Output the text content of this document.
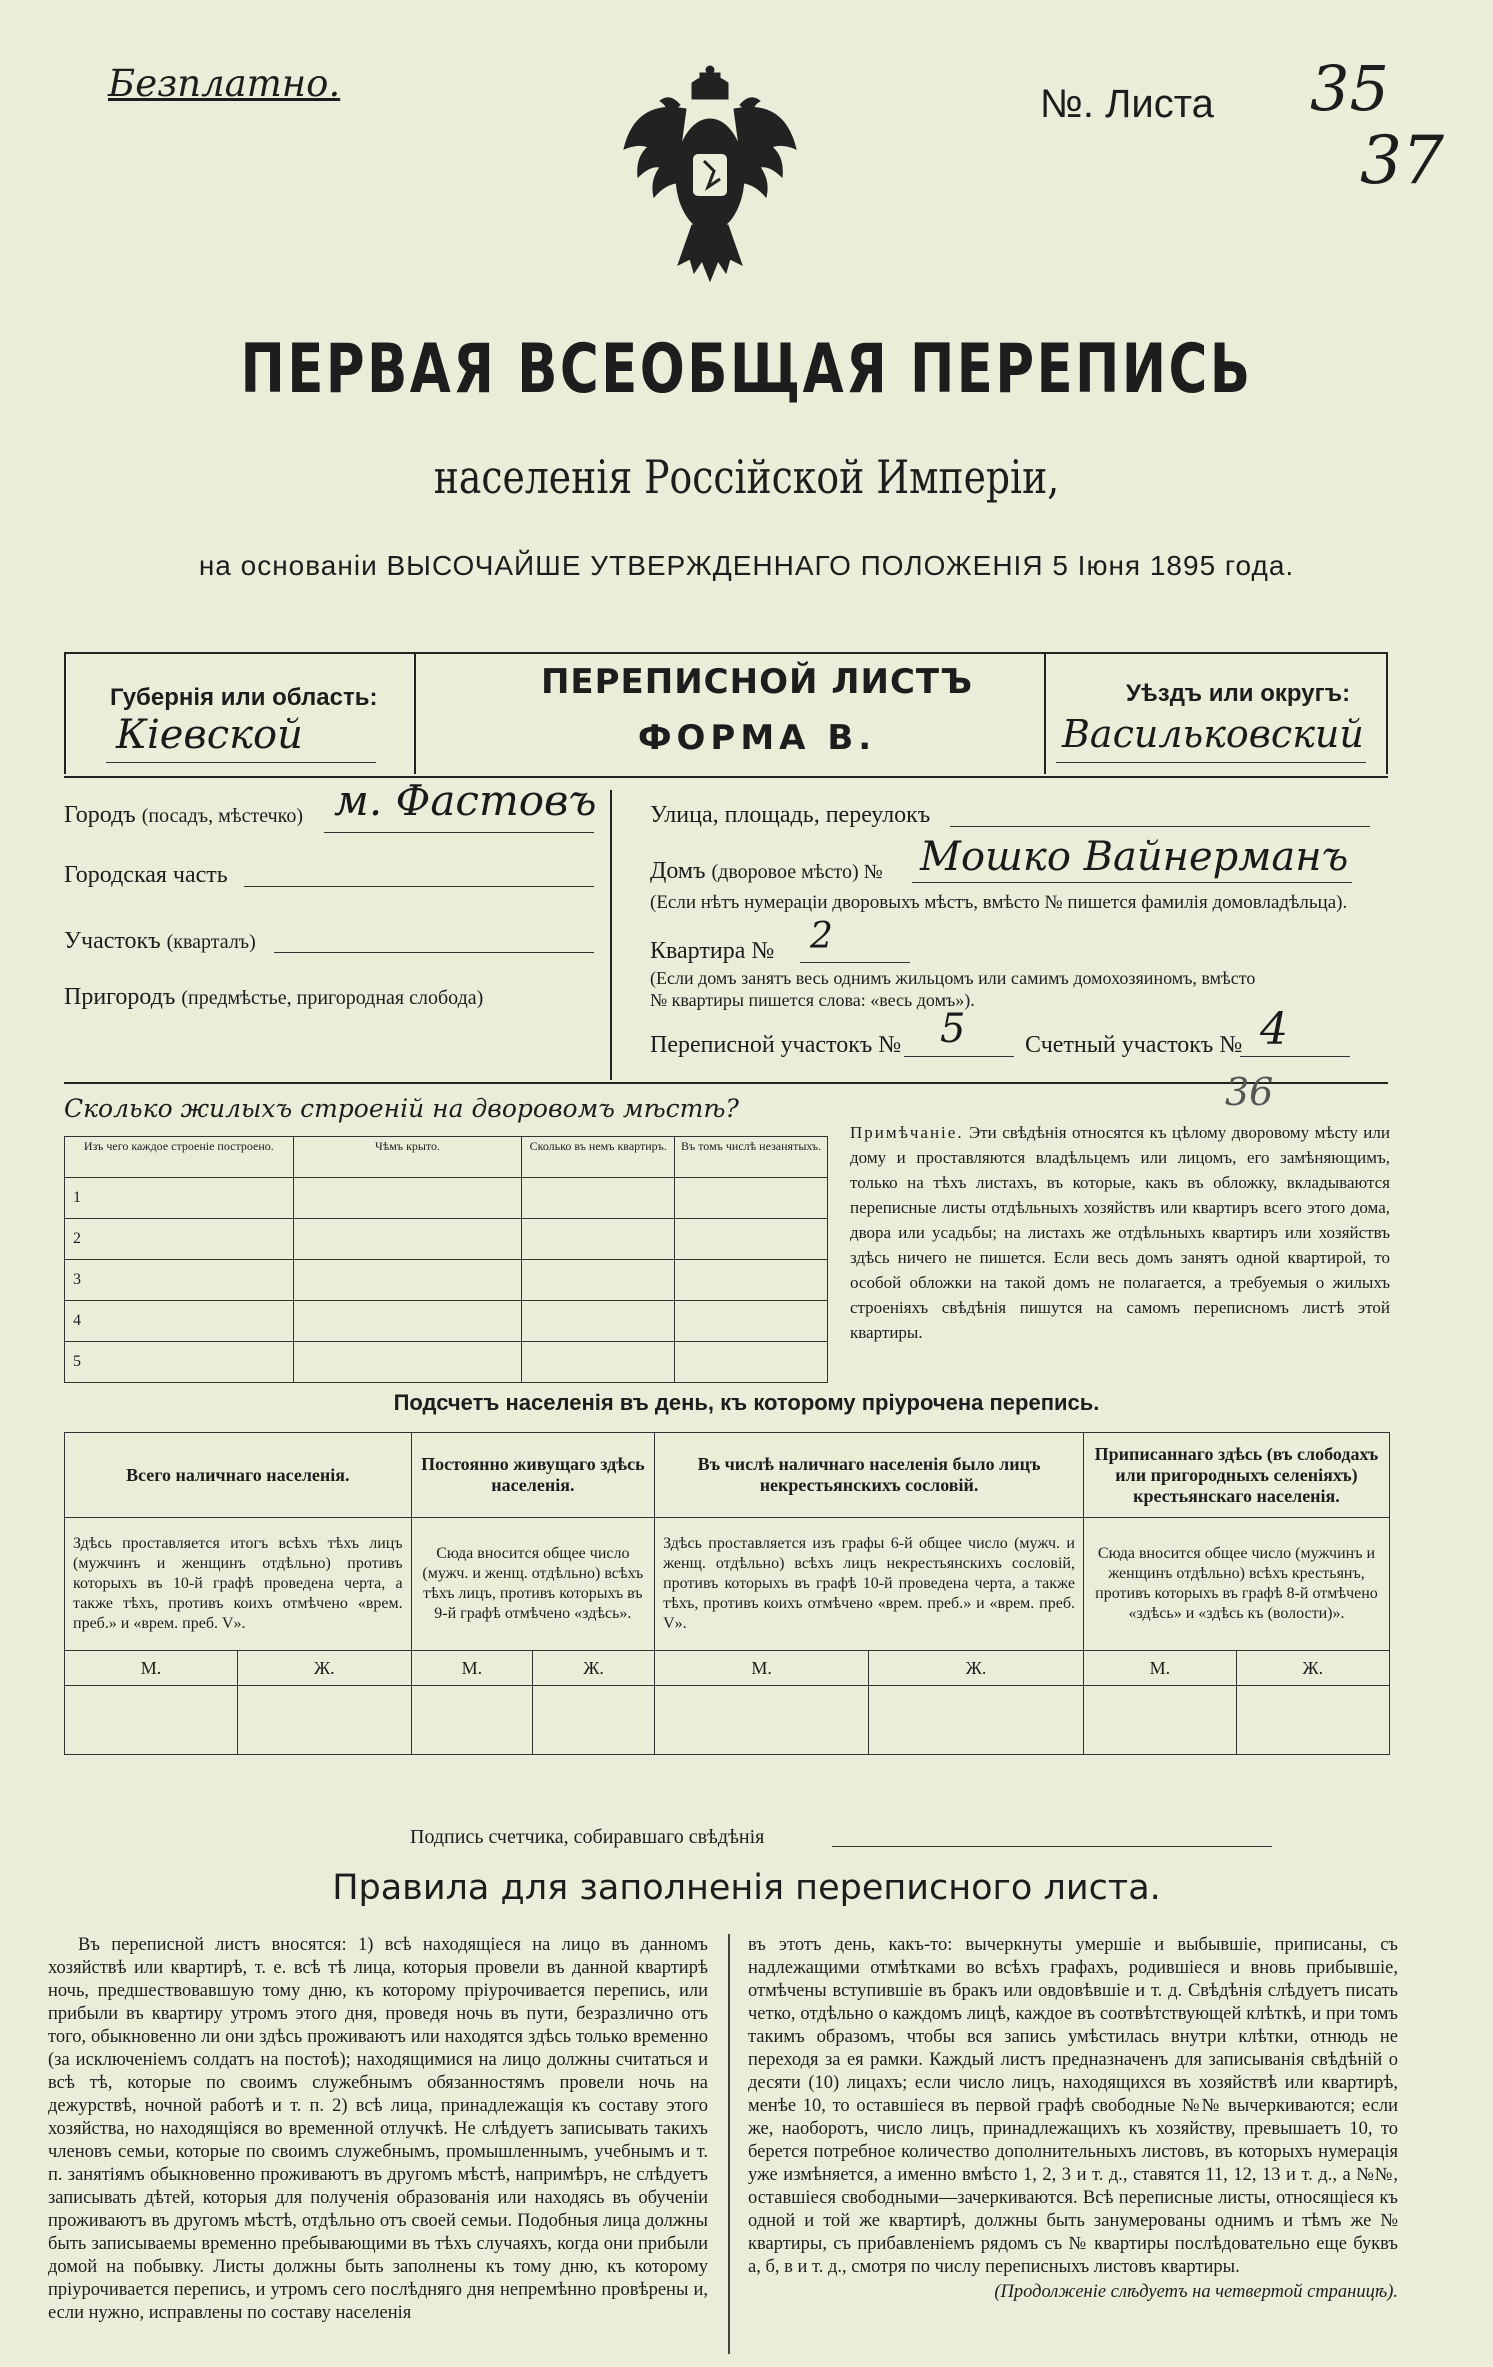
Безплатно.	№. Листа 35
37
ПЕРВАЯ ВСЕОБЩАЯ ПЕРЕПИСЬ
населенія Россійской Имперіи,
на основаніи ВЫСОЧАЙШЕ УТВЕРЖДЕННАГО ПОЛОЖЕНІЯ 5 Іюня 1895 года.
Губернія или область:
Кiевской
ПЕРЕПИСНОЙ ЛИСТЪ
ФОРМА В.
Уѣздъ или округъ:
Васильковский
Городъ (посадъ, мѣстечко) м. Фастовъ
Городская часть
Участокъ (кварталъ)
Пригородъ (предмѣстье, пригородная слобода)
Улица, площадь, переулокъ
Домъ (дворовое мѣсто) № Мошко Вайнерманъ
(Если нѣтъ нумераціи дворовыхъ мѣстъ, вмѣсто № пишется фамилія домовладѣльца).
Квартира № 2
(Если домъ занятъ весь однимъ жильцомъ или самимъ домохозяиномъ, вмѣсто
№ квартиры пишется слова: «весь домъ»).
Переписной участокъ № 5 Счетный участокъ № 4
Сколько жилыхъ строеній на дворовомъ мѣстѣ?	36
Изъ чего каждое строеніе построено.	Чѣмъ крыто.	Сколько въ немъ квартиръ.	Въ томъ числѣ незанятыхъ.
1			
2			
3			
4			
5			
Примѣчаніе. Эти свѣдѣнія относятся къ цѣлому дворовому мѣсту или дому и проставляются владѣльцемъ или лицомъ, его замѣняющимъ, только на тѣхъ листахъ, въ которые, какъ въ обложку, вкладываются переписные листы отдѣльныхъ хозяйствъ или квартиръ всего этого дома, двора или усадьбы; на листахъ же отдѣльныхъ квартиръ или хозяйствъ здѣсь ничего не пишется. Если весь домъ занятъ одной квартирой, то особой обложки на такой домъ не полагается, а требуемыя о жилыхъ строеніяхъ свѣдѣнія пишутся на самомъ переписномъ листѣ этой квартиры.
Подсчетъ населенія въ день, къ которому пріурочена перепись.
Всего наличнаго населенія.		Постоянно живущаго здѣсь населенія.		Въ числѣ наличнаго населенія было лицъ некрестьянскихъ сословій.		Приписаннаго здѣсь (въ слободахъ или пригородныхъ селеніяхъ) крестьянскаго населенія.	
Здѣсь проставляется итогъ всѣхъ тѣхъ лицъ (мужчинъ и женщинъ отдѣльно) противъ которыхъ въ 10-й графѣ проведена черта, а также тѣхъ, противъ коихъ отмѣчено «врем. преб.» и «врем. преб. V».		Сюда вносится общее число (мужч. и женщ. отдѣльно) всѣхъ тѣхъ лицъ, противъ которыхъ въ 9-й графѣ отмѣчено «здѣсь».		Здѣсь проставляется изъ графы 6-й общее число (мужч. и женщ. отдѣльно) всѣхъ лицъ некрестьянскихъ сословій, противъ которыхъ въ графѣ 10-й проведена черта, а также тѣхъ, противъ коихъ отмѣчено «врем. преб.» и «врем. преб. V».		Сюда вносится общее число (мужчинъ и женщинъ отдѣльно) всѣхъ крестьянъ, противъ которыхъ въ графѣ 8-й отмѣчено «здѣсь» и «здѣсь къ (волости)».	
М.	Ж.	М.	Ж.	М.	Ж.	М.	Ж.

Подпись счетчика, собиравшаго свѣдѣнія
Правила для заполненія переписного листа.
Въ переписной листъ вносятся: 1) всѣ находящіеся на лицо въ данномъ хозяйствѣ или квартирѣ, т. е. всѣ тѣ лица, которыя провели въ данной квартирѣ ночь, предшествовавшую тому дню, къ которому пріурочивается перепись, или прибыли въ квартиру утромъ этого дня, проведя ночь въ пути, безразлично отъ того, обыкновенно ли они здѣсь проживаютъ или находятся здѣсь только временно (за исключеніемъ солдатъ на постоѣ); находящимися на лицо должны считаться и всѣ тѣ, которые по своимъ служебнымъ обязанностямъ провели ночь на дежурствѣ, ночной работѣ и т. п. 2) всѣ лица, принадлежащія къ составу этого хозяйства, но находящіяся во временной отлучкѣ. Не слѣдуетъ записывать такихъ членовъ семьи, которые по своимъ служебнымъ, промышленнымъ, учебнымъ и т. п. занятіямъ обыкновенно проживаютъ въ другомъ мѣстѣ, напримѣръ, не слѣдуетъ записывать дѣтей, которыя для полученія образованія или находясь въ обученіи проживаютъ въ другомъ мѣстѣ, отдѣльно отъ своей семьи. Подобныя лица должны быть записываемы временно пребывающими въ тѣхъ случаяхъ, когда они прибыли домой на побывку. Листы должны быть заполнены къ тому дню, къ которому пріурочивается перепись, и утромъ сего послѣдняго дня непремѣнно провѣрены и, если нужно, исправлены по составу населенія
въ этотъ день, какъ-то: вычеркнуты умершіе и выбывшіе, приписаны, съ надлежащими отмѣтками во всѣхъ графахъ, родившіеся и вновь прибывшіе, отмѣчены вступившіе въ бракъ или овдовѣвшіе и т. д. Свѣдѣнія слѣдуетъ писать четко, отдѣльно о каждомъ лицѣ, каждое въ соотвѣтствующей клѣткѣ, и при томъ такимъ образомъ, чтобы вся запись умѣстилась внутри клѣтки, отнюдь не переходя за ея рамки. Каждый листъ предназначенъ для записыванія свѣдѣній о десяти (10) лицахъ; если число лицъ, находящихся въ хозяйствѣ или квартирѣ, менѣе 10, то оставшіеся въ первой графѣ свободные №№ вычеркиваются; если же, наоборотъ, число лицъ, принадлежащихъ къ хозяйству, превышаетъ 10, то берется потребное количество дополнительныхъ листовъ, въ которыхъ нумерація уже измѣняется, а именно вмѣсто 1, 2, 3 и т. д., ставятся 11, 12, 13 и т. д., а №№, оставшіеся свободными—зачеркиваются. Всѣ переписные листы, относящіеся къ одной и той же квартирѣ, должны быть занумерованы однимъ и тѣмъ же № квартиры, съ прибавленіемъ рядомъ съ № квартиры послѣдовательно еще буквъ а, б, в и т. д., смотря по числу переписныхъ листовъ квартиры.
(Продолженіе слѣдуетъ на четвертой страницѣ).
